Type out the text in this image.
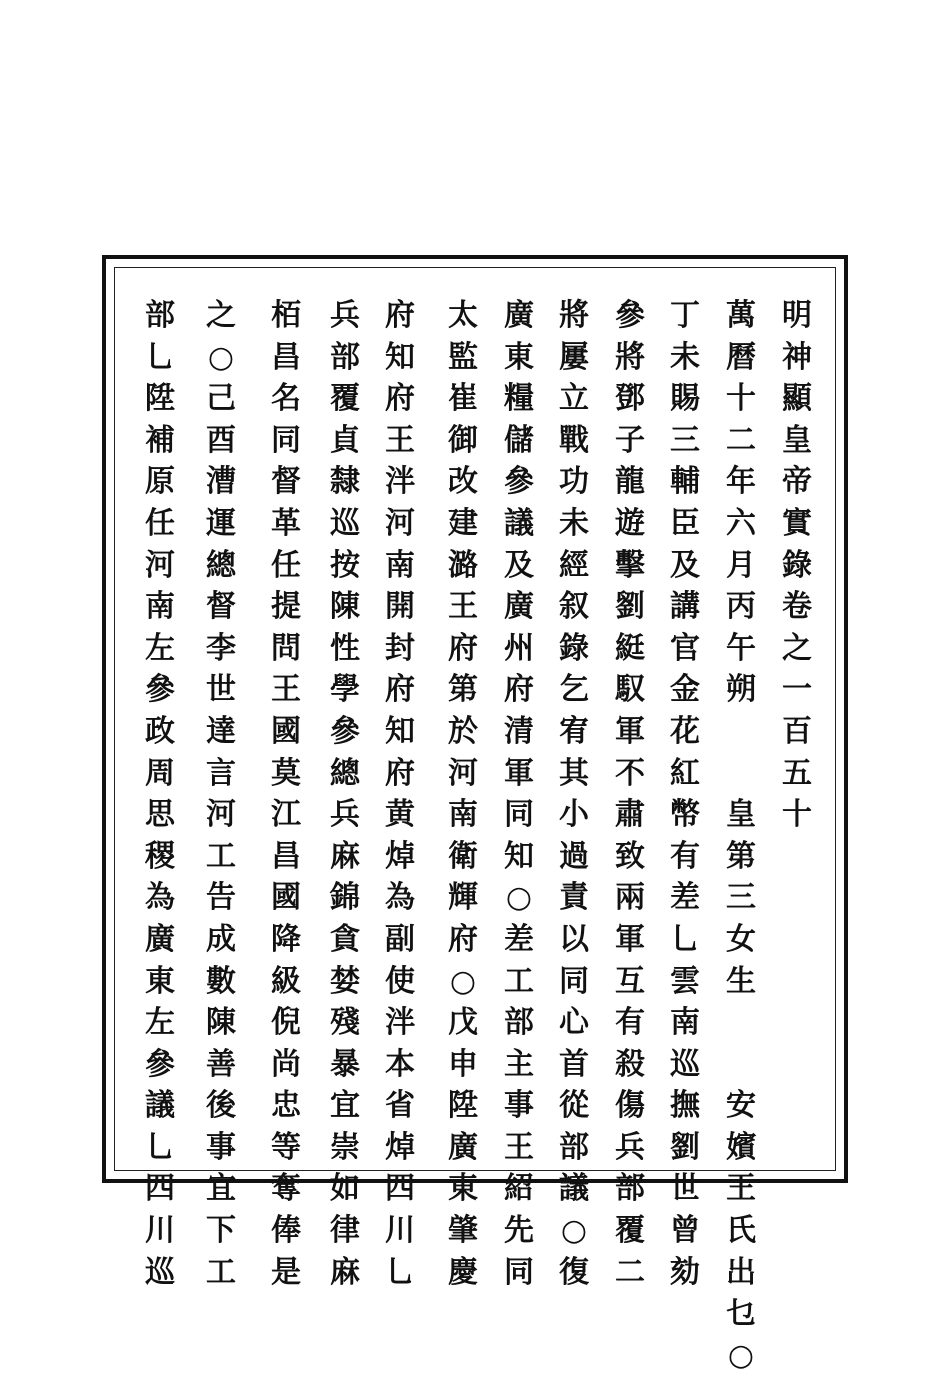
明
神
顯
皇
帝
實
錄
卷
之
一
百
五
十
萬
曆
十
二
年
六
月
丙
午
朔
皇
第
三
女
生
安
嬪
王
氏
出
乜
○
丁
未
賜
三
輔
臣
及
講
官
金
花
紅
幣
有
差
乚
雲
南
巡
撫
劉
世
曾
劾
參
將
鄧
子
龍
遊
擊
劉
綎
馭
軍
不
肅
致
兩
軍
互
有
殺
傷
兵
部
覆
二
將
屢
立
戰
功
未
經
叙
錄
乞
宥
其
小
過
責
以
同
心
首
從
部
議
○
復
廣
東
糧
儲
參
議
及
廣
州
府
清
軍
同
知
○
差
工
部
主
事
王
紹
先
同
太
監
崔
御
改
建
潞
王
府
第
於
河
南
衛
輝
府
○
戊
申
陞
廣
東
肇
慶
府
知
府
王
泮
河
南
開
封
府
知
府
黄
焯
為
副
使
泮
本
省
焯
四
川
乚
兵
部
覆
貞
隸
巡
按
陳
性
學
參
總
兵
麻
錦
貪
婪
殘
暴
宜
崇
如
律
麻
栢
昌
名
同
督
革
任
提
問
王
國
莫
江
昌
國
降
級
倪
尚
忠
等
奪
俸
是
之
○
己
酉
漕
運
總
督
李
世
達
言
河
工
告
成
數
陳
善
後
事
宜
下
工
部
乚
陞
補
原
任
河
南
左
參
政
周
思
稷
為
廣
東
左
參
議
乚
四
川
巡
